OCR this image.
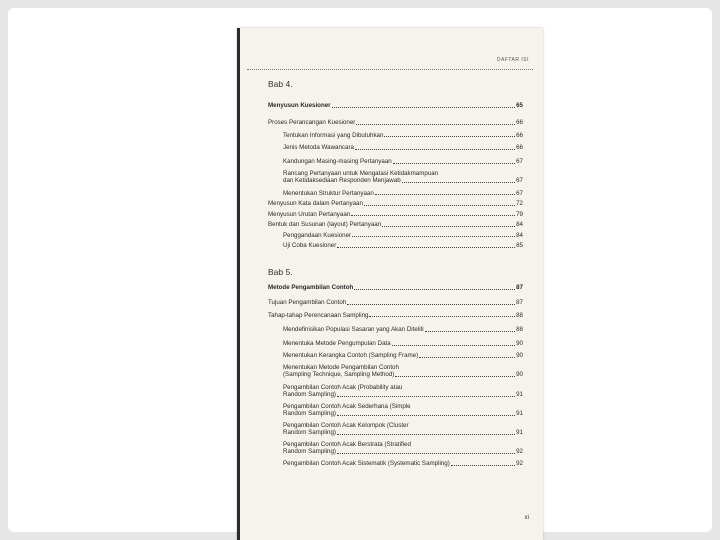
DAFTAR ISI
Bab 4.
Menyusun Kuesioner	65
Proses Perancangan Kuesioner	66
Tentukan Informasi yang Dibutuhkan	66
Jenis Metoda Wawancara	66
Kandungan Masing-masing Pertanyaan	67
Rancang Pertanyaan untuk Mengatasi Ketidakmampuan
dan Ketidaksediaan Responden Menjawab	67
Menentukan Struktur Pertanyaan	67
Menyusun Kata dalam Pertanyaan	72
Menyusun Urutan Pertanyaan	79
Bentuk dan Susunan (layout) Pertanyaan	84
Penggandaan Kuesioner	84
Uji Coba Kuesioner	85
Bab 5.
Metode Pengambilan Contoh	87
Tujuan Pengambilan Contoh	87
Tahap-tahap Perencanaan Sampling	88
Mendefinisikan Populasi Sasaran yang Akan Diteliti	88
Menentuka Metode Pengumpulan Data	90
Menentukan Kerangka Contoh (Sampling Frame)	90
Menentukan Metode Pengambilan Contoh
(Sampling Technique, Sampling Method)	90
Pengambilan Contoh Acak (Probability atau
Random Sampling)	91
Pengambilan Contoh Acak Sederhana (Simple
Random Sampling)	91
Pengambilan Contoh Acak Kelompok (Cluster
Random Sampling)	91
Pengambilan Contoh Acak Berstrata (Stratified
Random Sampling)	92
Pengambilan Contoh Acak Sistematik (Systematic Sampling)	92
xi
